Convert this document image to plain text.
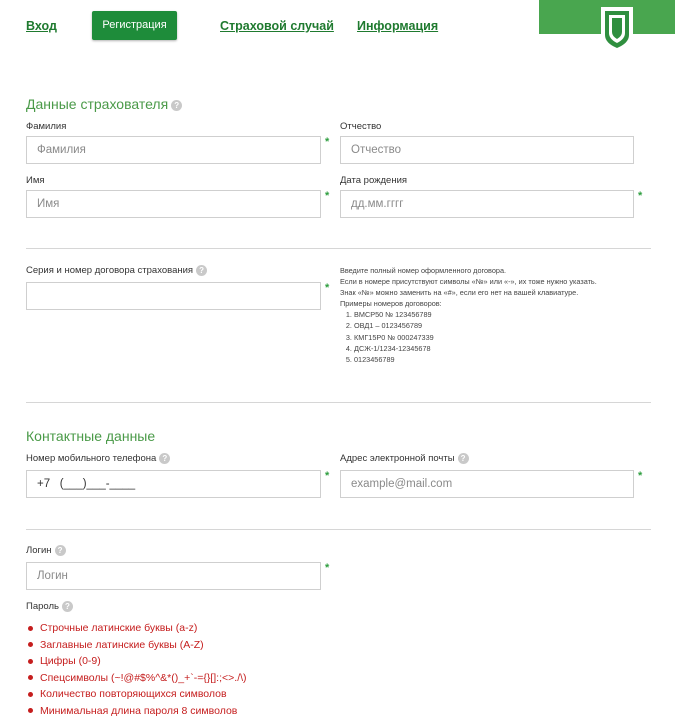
Вход	Регистрация	Страховой случай Информация
Данные страхователя ?
Фамилия
Фамилия
*
Отчество
Отчество
Имя
Имя
*
Дата рождения
дд.мм.гггг
*
Серия и номер договора страхования ?
*
Введите полный номер оформленного договора.
Если в номере присутствуют символы «№» или «-», их тоже нужно указать.
Знак «№» можно заменить на «#», если его нет на вашей клавиатуре.
Примеры номеров договоров:
1. ВМСР50 № 123456789
2. ОВД1 – 0123456789
3. КМГ15Р0 № 000247339
4. ДСЖ-1/1234-12345678
5. 0123456789
Контактные данные
Номер мобильного телефона ?
+7 (___)___-____
*
Адрес электронной почты ?
example@mail.com
*
Логин ?
Логин
*
Пароль ?
Строчные латинские буквы (a-z)
Заглавные латинские буквы (A-Z)
Цифры (0-9)
Спецсимволы (~!@#$%^&*()_+`-={}[]:;<>./\)
Количество повторяющихся символов
Минимальная длина пароля 8 символов
